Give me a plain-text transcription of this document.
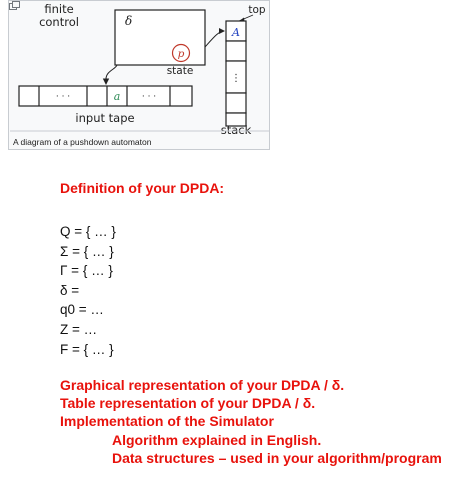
finite
control	δ
p
state
top
A
⋮
stack
· · ·	a · · ·
input tape
A diagram of a pushdown automaton
Definition of your DPDA:
Q = { … }
Σ = { … }
Γ = { … }
δ =
q0 = …
Z = …
F = { … }
Graphical representation of your DPDA / δ.
Table representation of your DPDA / δ.
Implementation of the Simulator
Algorithm explained in English.
Data structures – used in your algorithm/program
